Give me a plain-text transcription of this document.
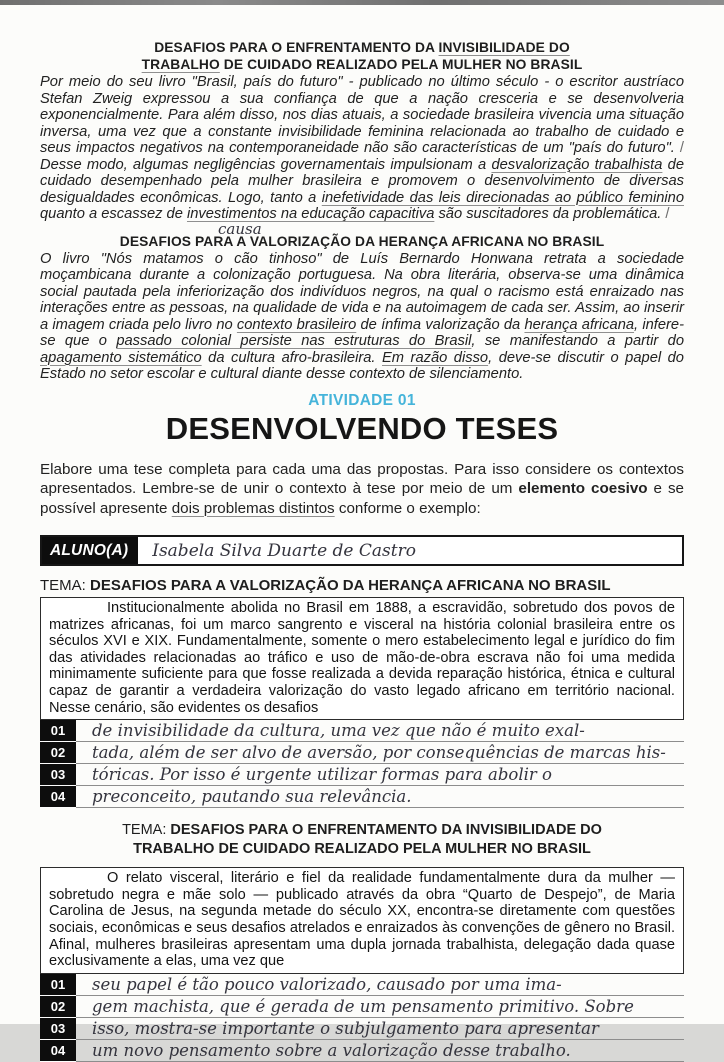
DESAFIOS PARA O ENFRENTAMENTO DA INVISIBILIDADE DO
TRABALHO DE CUIDADO REALIZADO PELA MULHER NO BRASIL

Por meio do seu livro "Brasil, país do futuro" - publicado no último século - o escritor austríaco Stefan Zweig expressou a sua confiança de que a nação cresceria e se desenvolveria exponencialmente. Para além disso, nos dias atuais, a sociedade brasileira vivencia uma situação inversa, uma vez que a constante invisibilidade feminina relacionada ao trabalho de cuidado e seus impactos negativos na contemporaneidade não são características de um "país do futuro". / Desse modo, algumas negligências governamentais impulsionam a desvalorização trabalhista de cuidado desempenhado pela mulher brasileira e promovem o desenvolvimento de diversas desigualdades econômicas. Logo, tanto a inefetividade das leis direcionadas ao público feminino quanto a escassez de investimentos na educação capacitiva são suscitadores da problemática. /

causa
DESAFIOS PARA A VALORIZAÇÃO DA HERANÇA AFRICANA NO BRASIL

O livro "Nós matamos o cão tinhoso" de Luís Bernardo Honwana retrata a sociedade moçambicana durante a colonização portuguesa. Na obra literária, observa-se uma dinâmica social pautada pela inferiorização dos indivíduos negros, na qual o racismo está enraizado nas interações entre as pessoas, na qualidade de vida e na autoimagem de cada ser. Assim, ao inserir a imagem criada pelo livro no contexto brasileiro de ínfima valorização da herança africana, infere-se que o passado colonial persiste nas estruturas do Brasil, se manifestando a partir do apagamento sistemático da cultura afro-brasileira. Em razão disso, deve-se discutir o papel do Estado no setor escolar e cultural diante desse contexto de silenciamento.

ATIVIDADE 01
DESENVOLVENDO TESES

Elabore uma tese completa para cada uma das propostas. Para isso considere os contextos apresentados. Lembre-se de unir o contexto à tese por meio de um elemento coesivo e se possível apresente dois problemas distintos conforme o exemplo:

ALUNO(A)	Isabela Silva Duarte de Castro
TEMA: DESAFIOS PARA A VALORIZAÇÃO DA HERANÇA AFRICANA NO BRASIL

Institucionalmente abolida no Brasil em 1888, a escravidão, sobretudo dos povos de matrizes africanas, foi um marco sangrento e visceral na história colonial brasileira entre os séculos XVI e XIX. Fundamentalmente, somente o mero estabelecimento legal e jurídico do fim das atividades relacionadas ao tráfico e uso de mão-de-obra escrava não foi uma medida minimamente suficiente para que fosse realizada a devida reparação histórica, étnica e cultural capaz de garantir a verdadeira valorização do vasto legado africano em território nacional. Nesse cenário, são evidentes os desafios

01	de invisibilidade da cultura, uma vez que não é muito exal-
02	tada, além de ser alvo de aversão, por consequências de marcas his-
03	tóricas. Por isso é urgente utilizar formas para abolir o
04	preconceito, pautando sua relevância.
TEMA: DESAFIOS PARA O ENFRENTAMENTO DA INVISIBILIDADE DO
TRABALHO DE CUIDADO REALIZADO PELA MULHER NO BRASIL

O relato visceral, literário e fiel da realidade fundamentalmente dura da mulher — sobretudo negra e mãe solo — publicado através da obra “Quarto de Despejo”, de Maria Carolina de Jesus, na segunda metade do século XX, encontra-se diretamente com questões sociais, econômicas e seus desafios atrelados e enraizados às convenções de gênero no Brasil. Afinal, mulheres brasileiras apresentam uma dupla jornada trabalhista, delegação dada quase exclusivamente a elas, uma vez que

01	seu papel é tão pouco valorizado, causado por uma ima-
02	gem machista, que é gerada de um pensamento primitivo. Sobre
03	isso, mostra-se importante o subjulgamento para apresentar
04	um novo pensamento sobre a valorização desse trabalho.
